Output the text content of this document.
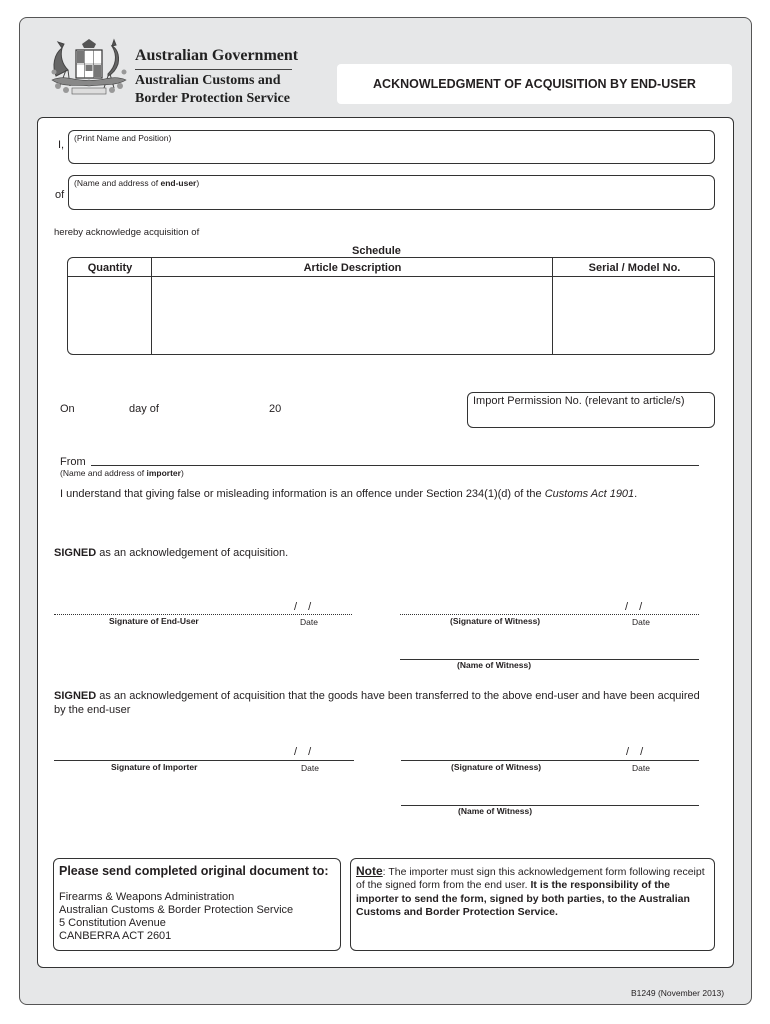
Australian Government
Australian Customs and
Border Protection Service
ACKNOWLEDGMENT OF ACQUISITION BY END-USER
I,
(Print Name and Position)
of
(Name and address of end-user)
hereby acknowledge acquisition of
Schedule
Quantity	Article Description	Serial / Model No.
On	day of	20
Import Permission No. (relevant to article/s)
From
(Name and address of importer)
I understand that giving false or misleading information is an offence under Section 234(1)(d) of the Customs Act 1901.
SIGNED as an acknowledgement of acquisition.
/ /
Signature of End-User	Date
/ /
(Signature of Witness)	Date
(Name of Witness)
SIGNED as an acknowledgement of acquisition that the goods have been transferred to the above end-user and have been acquired by the end-user
/ /
Signature of Importer	Date
/ /
(Signature of Witness)	Date
(Name of Witness)
Please send completed original document to:
Firearms & Weapons Administration
Australian Customs & Border Protection Service
5 Constitution Avenue
CANBERRA ACT 2601
Note: The importer must sign this acknowledgement form following receipt of the signed form from the end user. It is the responsibility of the importer to send the form, signed by both parties, to the Australian Customs and Border Protection Service.
B1249 (November 2013)
